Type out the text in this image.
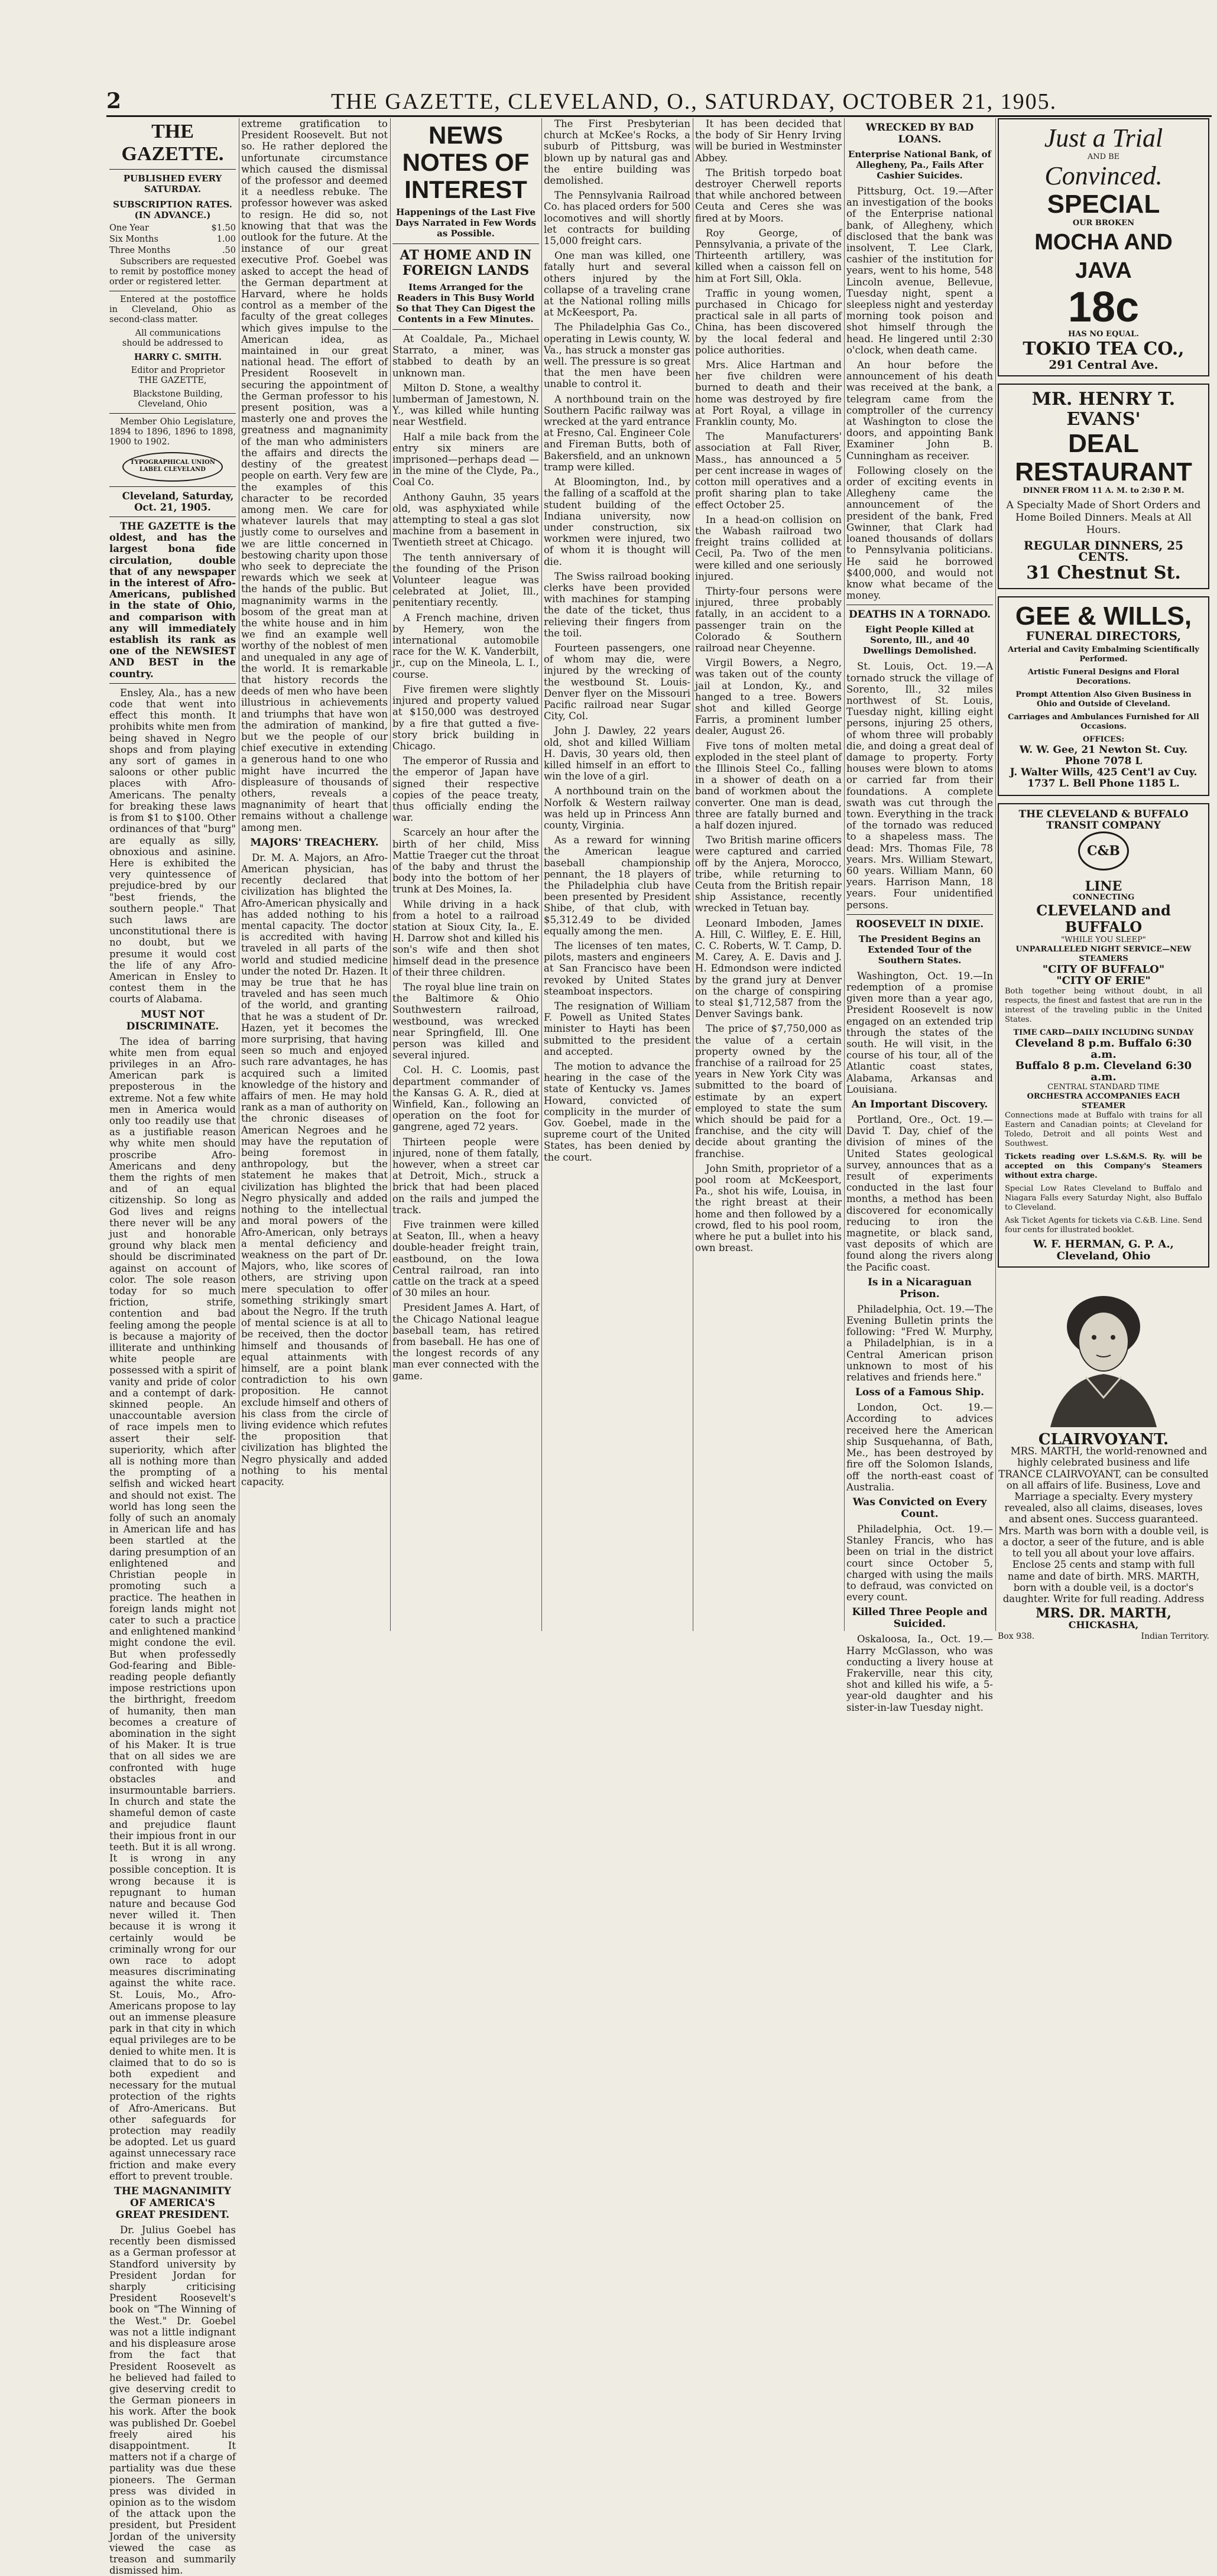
2	THE GAZETTE, CLEVELAND, O., SATURDAY, OCTOBER 21, 1905.
THE GAZETTE.
PUBLISHED EVERY SATURDAY.
SUBSCRIPTION RATES.
(IN ADVANCE.)
One Year	$1.50
Six Months	1.00
Three Months	.50

Subscribers are requested to remit by postoffice money order or registered letter.

Entered at the postoffice in Cleveland, Ohio as second-class matter.

All communications should be addressed to

HARRY C. SMITH.

Editor and Proprietor THE GAZETTE,

Blackstone Building, Cleveland, Ohio

Member Ohio Legislature, 1894 to 1896, 1896 to 1898, 1900 to 1902.

TYPOGRAPHICAL UNION LABEL CLEVELAND

Cleveland, Saturday, Oct. 21, 1905.

THE GAZETTE is the oldest, and has the largest bona fide circulation, double that of any newspaper in the interest of Afro-Americans, published in the state of Ohio, and comparison with any will immediately establish its rank as one of the NEWSIEST AND BEST in the country.

Ensley, Ala., has a new code that went into effect this month. It prohibits white men from being shaved in Negro shops and from playing any sort of games in saloons or other public places with Afro-Americans. The penalty for breaking these laws is from $1 to $100. Other ordinances of that "burg" are equally as silly, obnoxious and asinine. Here is exhibited the very quintessence of prejudice-bred by our "best friends, the southern people." That such laws are unconstitutional there is no doubt, but we presume it would cost the life of any Afro-American in Ensley to contest them in the courts of Alabama.

MUST NOT DISCRIMINATE.

The idea of barring white men from equal privileges in an Afro-American park is preposterous in the extreme. Not a few white men in America would only too readily use that as a justifiable reason why white men should proscribe Afro-Americans and deny them the rights of men and of an equal citizenship. So long as God lives and reigns there never will be any just and honorable ground why black men should be discriminated against on account of color. The sole reason today for so much friction, strife, contention and bad feeling among the people is because a majority of illiterate and unthinking white people are possessed with a spirit of vanity and pride of color and a contempt of dark-skinned people. An unaccountable aversion of race impels men to assert their self-superiority, which after all is nothing more than the prompting of a selfish and wicked heart and should not exist. The world has long seen the folly of such an anomaly in American life and has been startled at the daring presumption of an enlightened and Christian people in promoting such a practice. The heathen in foreign lands might not cater to such a practice and enlightened mankind might condone the evil. But when professedly God-fearing and Bible-reading people defiantly impose restrictions upon the birthright, freedom of humanity, then man becomes a creature of abomination in the sight of his Maker. It is true that on all sides we are confronted with huge obstacles and insurmountable barriers. In church and state the shameful demon of caste and prejudice flaunt their impious front in our teeth. But it is all wrong. It is wrong in any possible conception. It is wrong because it is repugnant to human nature and because God never willed it. Then because it is wrong it certainly would be criminally wrong for our own race to adopt measures discriminating against the white race. St. Louis, Mo., Afro-Americans propose to lay out an immense pleasure park in that city in which equal privileges are to be denied to white men. It is claimed that to do so is both expedient and necessary for the mutual protection of the rights of Afro-Americans. But other safeguards for protection may readily be adopted. Let us guard against unnecessary race friction and make every effort to prevent trouble.

THE MAGNANIMITY OF AMERICA'S GREAT PRESIDENT.

Dr. Julius Goebel has recently been dismissed as a German professor at Standford university by President Jordan for sharply criticising President Roosevelt's book on "The Winning of the West." Dr. Goebel was not a little indignant and his displeasure arose from the fact that President Roosevelt as he believed had failed to give deserving credit to the German pioneers in his work. After the book was published Dr. Goebel freely aired his disappointment. It matters not if a charge of partiality was due these pioneers. The German press was divided in opinion as to the wisdom of the attack upon the president, but President Jordan of the university viewed the case as treason and summarily dismissed him.

extreme gratification to President Roosevelt. But not so. He rather deplored the unfortunate circumstance which caused the dismissal of the professor and deemed it a needless rebuke. The professor however was asked to resign. He did so, not knowing that that was the outlook for the future. At the instance of our great executive Prof. Goebel was asked to accept the head of the German department at Harvard, where he holds control as a member of the faculty of the great colleges which gives impulse to the American idea, as maintained in our great national head. The effort of President Roosevelt in securing the appointment of the German professor to his present position, was a masterly one and proves the greatness and magnanimity of the man who administers the affairs and directs the destiny of the greatest people on earth. Very few are the examples of this character to be recorded among men. We care for whatever laurels that may justly come to ourselves and we are little concerned in bestowing charity upon those who seek to depreciate the rewards which we seek at the hands of the public. But magnanimity warms in the bosom of the great man at the white house and in him we find an example well worthy of the noblest of men and unequaled in any age of the world. It is remarkable that history records the deeds of men who have been illustrious in achievements and triumphs that have won the admiration of mankind, but we the people of our chief executive in extending a generous hand to one who might have incurred the displeasure of thousands of others, reveals a magnanimity of heart that remains without a challenge among men.

MAJORS' TREACHERY.

Dr. M. A. Majors, an Afro-American physician, has recently declared that civilization has blighted the Afro-American physically and has added nothing to his mental capacity. The doctor is accredited with having traveled in all parts of the world and studied medicine under the noted Dr. Hazen. It may be true that he has traveled and has seen much of the world, and granting that he was a student of Dr. Hazen, yet it becomes the more surprising, that having seen so much and enjoyed such rare advantages, he has acquired such a limited knowledge of the history and affairs of men. He may hold rank as a man of authority on the chronic diseases of American Negroes and he may have the reputation of being foremost in anthropology, but the statement he makes that civilization has blighted the Negro physically and added nothing to the intellectual and moral powers of the Afro-American, only betrays a mental deficiency and weakness on the part of Dr. Majors, who, like scores of others, are striving upon mere speculation to offer something strikingly smart about the Negro. If the truth of mental science is at all to be received, then the doctor himself and thousands of equal attainments with himself, are a point blank contradiction to his own proposition. He cannot exclude himself and others of his class from the circle of living evidence which refutes the proposition that civilization has blighted the Negro physically and added nothing to his mental capacity.

NEWS NOTES OF INTEREST
Happenings of the Last Five Days Narrated in Few Words as Possible.
AT HOME AND IN FOREIGN LANDS
Items Arranged for the Readers in This Busy World So that They Can Digest the Contents in a Few Minutes.

At Coaldale, Pa., Michael Starrato, a miner, was stabbed to death by an unknown man.

Milton D. Stone, a wealthy lumberman of Jamestown, N. Y., was killed while hunting near Westfield.

Half a mile back from the entry six miners are imprisoned—perhaps dead —in the mine of the Clyde, Pa., Coal Co.

Anthony Gauhn, 35 years old, was asphyxiated while attempting to steal a gas slot machine from a basement in Twentieth street at Chicago.

The tenth anniversary of the founding of the Prison Volunteer league was celebrated at Joliet, Ill., penitentiary recently.

A French machine, driven by Hemery, won the international automobile race for the W. K. Vanderbilt, jr., cup on the Mineola, L. I., course.

Five firemen were slightly injured and property valued at $150,000 was destroyed by a fire that gutted a five-story brick building in Chicago.

The emperor of Russia and the emperor of Japan have signed their respective copies of the peace treaty, thus officially ending the war.

Scarcely an hour after the birth of her child, Miss Mattie Traeger cut the throat of the baby and thrust the body into the bottom of her trunk at Des Moines, Ia.

While driving in a hack from a hotel to a railroad station at Sioux City, Ia., E. H. Darrow shot and killed his son's wife and then shot himself dead in the presence of their three children.

The royal blue line train on the Baltimore & Ohio Southwestern railroad, westbound, was wrecked near Springfield, Ill. One person was killed and several injured.

Col. H. C. Loomis, past department commander of the Kansas G. A. R., died at Winfield, Kan., following an operation on the foot for gangrene, aged 72 years.

Thirteen people were injured, none of them fatally, however, when a street car at Detroit, Mich., struck a brick that had been placed on the rails and jumped the track.

Five trainmen were killed at Seaton, Ill., when a heavy double-header freight train, eastbound, on the Iowa Central railroad, ran into cattle on the track at a speed of 30 miles an hour.

President James A. Hart, of the Chicago National league baseball team, has retired from baseball. He has one of the longest records of any man ever connected with the game.

The First Presbyterian church at McKee's Rocks, a suburb of Pittsburg, was blown up by natural gas and the entire building was demolished.

The Pennsylvania Railroad Co. has placed orders for 500 locomotives and will shortly let contracts for building 15,000 freight cars.

One man was killed, one fatally hurt and several others injured by the collapse of a traveling crane at the National rolling mills at McKeesport, Pa.

The Philadelphia Gas Co., operating in Lewis county, W. Va., has struck a monster gas well. The pressure is so great that the men have been unable to control it.

A northbound train on the Southern Pacific railway was wrecked at the yard entrance at Fresno, Cal. Engineer Cole and Fireman Butts, both of Bakersfield, and an unknown tramp were killed.

At Bloomington, Ind., by the falling of a scaffold at the student building of the Indiana university, now under construction, six workmen were injured, two of whom it is thought will die.

The Swiss railroad booking clerks have been provided with machines for stamping the date of the ticket, thus relieving their fingers from the toil.

Fourteen passengers, one of whom may die, were injured by the wrecking of the westbound St. Louis-Denver flyer on the Missouri Pacific railroad near Sugar City, Col.

John J. Dawley, 22 years old, shot and killed William H. Davis, 30 years old, then killed himself in an effort to win the love of a girl.

A northbound train on the Norfolk & Western railway was held up in Princess Ann county, Virginia.

As a reward for winning the American league baseball championship pennant, the 18 players of the Philadelphia club have been presented by President Shibe, of that club, with $5,312.49 to be divided equally among the men.

The licenses of ten mates, pilots, masters and engineers at San Francisco have been revoked by United States steamboat inspectors.

The resignation of William F. Powell as United States minister to Hayti has been submitted to the president and accepted.

The motion to advance the hearing in the case of the state of Kentucky vs. James Howard, convicted of complicity in the murder of Gov. Goebel, made in the supreme court of the United States, has been denied by the court.

It has been decided that the body of Sir Henry Irving will be buried in Westminster Abbey.

The British torpedo boat destroyer Cherwell reports that while anchored between Ceuta and Ceres she was fired at by Moors.

Roy George, of Pennsylvania, a private of the Thirteenth artillery, was killed when a caisson fell on him at Fort Sill, Okla.

Traffic in young women, purchased in Chicago for practical sale in all parts of China, has been discovered by the local federal and police authorities.

Mrs. Alice Hartman and her five children were burned to death and their home was destroyed by fire at Port Royal, a village in Franklin county, Mo.

The Manufacturers' association at Fall River, Mass., has announced a 5 per cent increase in wages of cotton mill operatives and a profit sharing plan to take effect October 25.

In a head-on collision on the Wabash railroad two freight trains collided at Cecil, Pa. Two of the men were killed and one seriously injured.

Thirty-four persons were injured, three probably fatally, in an accident to a passenger train on the Colorado & Southern railroad near Cheyenne.

Virgil Bowers, a Negro, was taken out of the county jail at London, Ky., and hanged to a tree. Bowers shot and killed George Farris, a prominent lumber dealer, August 26.

Five tons of molten metal exploded in the steel plant of the Illinois Steel Co., falling in a shower of death on a band of workmen about the converter. One man is dead, three are fatally burned and a half dozen injured.

Two British marine officers were captured and carried off by the Anjera, Morocco, tribe, while returning to Ceuta from the British repair ship Assistance, recently wrecked in Tetuan bay.

Leonard Imboden, James A. Hill, C. Wilfley, E. E. Hill, C. C. Roberts, W. T. Camp, D. M. Carey, A. E. Davis and J. H. Edmondson were indicted by the grand jury at Denver on the charge of conspiring to steal $1,712,587 from the Denver Savings bank.

The price of $7,750,000 as the value of a certain property owned by the franchise of a railroad for 25 years in New York City was submitted to the board of estimate by an expert employed to state the sum which should be paid for a franchise, and the city will decide about granting the franchise.

John Smith, proprietor of a pool room at McKeesport, Pa., shot his wife, Louisa, in the right breast at their home and then followed by a crowd, fled to his pool room, where he put a bullet into his own breast.

WRECKED BY BAD LOANS.
Enterprise National Bank, of Allegheny, Pa., Fails After Cashier Suicides.

Pittsburg, Oct. 19.—After an investigation of the books of the Enterprise national bank, of Allegheny, which disclosed that the bank was insolvent, T. Lee Clark, cashier of the institution for years, went to his home, 548 Lincoln avenue, Bellevue, Tuesday night, spent a sleepless night and yesterday morning took poison and shot himself through the head. He lingered until 2:30 o'clock, when death came.

An hour before the announcement of his death was received at the bank, a telegram came from the comptroller of the currency at Washington to close the doors, and appointing Bank Examiner John B. Cunningham as receiver.

Following closely on the order of exciting events in Allegheny came the announcement of the president of the bank, Fred Gwinner, that Clark had loaned thousands of dollars to Pennsylvania politicians. He said he borrowed $400,000, and would not know what became of the money.

DEATHS IN A TORNADO.
Eight People Killed at Sorento, Ill., and 40 Dwellings Demolished.

St. Louis, Oct. 19.—A tornado struck the village of Sorento, Ill., 32 miles northwest of St. Louis, Tuesday night, killing eight persons, injuring 25 others, of whom three will probably die, and doing a great deal of damage to property. Forty houses were blown to atoms or carried far from their foundations. A complete swath was cut through the town. Everything in the track of the tornado was reduced to a shapeless mass. The dead: Mrs. Thomas File, 78 years. Mrs. William Stewart, 60 years. William Mann, 60 years. Harrison Mann, 18 years. Four unidentified persons.

ROOSEVELT IN DIXIE.
The President Begins an Extended Tour of the Southern States.

Washington, Oct. 19.—In redemption of a promise given more than a year ago, President Roosevelt is now engaged on an extended trip through the states of the south. He will visit, in the course of his tour, all of the Atlantic coast states, Alabama, Arkansas and Louisiana.

An Important Discovery.

Portland, Ore., Oct. 19.—David T. Day, chief of the division of mines of the United States geological survey, announces that as a result of experiments conducted in the last four months, a method has been discovered for economically reducing to iron the magnetite, or black sand, vast deposits of which are found along the rivers along the Pacific coast.

Is in a Nicaraguan Prison.

Philadelphia, Oct. 19.—The Evening Bulletin prints the following: "Fred W. Murphy, a Philadelphian, is in a Central American prison unknown to most of his relatives and friends here."

Loss of a Famous Ship.

London, Oct. 19.—According to advices received here the American ship Susquehanna, of Bath, Me., has been destroyed by fire off the Solomon Islands, off the north-east coast of Australia.

Was Convicted on Every Count.

Philadelphia, Oct. 19.—Stanley Francis, who has been on trial in the district court since October 5, charged with using the mails to defraud, was convicted on every count.

Killed Three People and Suicided.

Oskaloosa, Ia., Oct. 19.—Harry McGlasson, who was conducting a livery house at Frakerville, near this city, shot and killed his wife, a 5-year-old daughter and his sister-in-law Tuesday night.

Just a Trial
AND BE
Convinced.
SPECIAL
OUR BROKEN
MOCHA AND JAVA
18c
HAS NO EQUAL.
TOKIO TEA CO.,
291 Central Ave.
MR. HENRY T. EVANS'
DEAL RESTAURANT
DINNER FROM 11 A. M. to 2:30 P. M.
A Specialty Made of Short Orders and Home Boiled Dinners. Meals at All Hours.
REGULAR DINNERS, 25 CENTS.
31 Chestnut St.
GEE & WILLS,
FUNERAL DIRECTORS,
Arterial and Cavity Embalming Scientifically Performed.
Artistic Funeral Designs and Floral Decorations.
Prompt Attention Also Given Business in Ohio and Outside of Cleveland.
Carriages and Ambulances Furnished for All Occasions.
OFFICES:
W. W. Gee, 21 Newton St. Cuy. Phone 7078 L
J. Walter Wills, 425 Cent'l av Cuy. 1737 L. Bell Phone 1185 L.
THE CLEVELAND & BUFFALO TRANSIT COMPANY
C&B LINE
CONNECTING
CLEVELAND and BUFFALO
"WHILE YOU SLEEP"
UNPARALLELED NIGHT SERVICE—NEW STEAMERS
"CITY OF BUFFALO"
"CITY OF ERIE"

Both together being without doubt, in all respects, the finest and fastest that are run in the interest of the traveling public in the United States.

TIME CARD—DAILY INCLUDING SUNDAY
Cleveland 8 p.m. Buffalo 6:30 a.m.
Buffalo 8 p.m. Cleveland 6:30 a.m.
CENTRAL STANDARD TIME
ORCHESTRA ACCOMPANIES EACH STEAMER

Connections made at Buffalo with trains for all Eastern and Canadian points; at Cleveland for Toledo, Detroit and all points West and Southwest.

Tickets reading over L.S.&M.S. Ry. will be accepted on this Company's Steamers without extra charge.

Special Low Rates Cleveland to Buffalo and Niagara Falls every Saturday Night, also Buffalo to Cleveland.

Ask Ticket Agents for tickets via C.&B. Line. Send four cents for illustrated booklet.

W. F. HERMAN, G. P. A., Cleveland, Ohio
CLAIRVOYANT.

MRS. MARTH, the world-renowned and highly celebrated business and life TRANCE CLAIRVOYANT, can be consulted on all affairs of life. Business, Love and Marriage a specialty. Every mystery revealed, also all claims, diseases, loves and absent ones. Success guaranteed. Mrs. Marth was born with a double veil, is a doctor, a seer of the future, and is able to tell you all about your love affairs. Enclose 25 cents and stamp with full name and date of birth. MRS. MARTH, born with a double veil, is a doctor's daughter. Write for full reading. Address

MRS. DR. MARTH,
CHICKASHA,
Box 938.	Indian Territory.
